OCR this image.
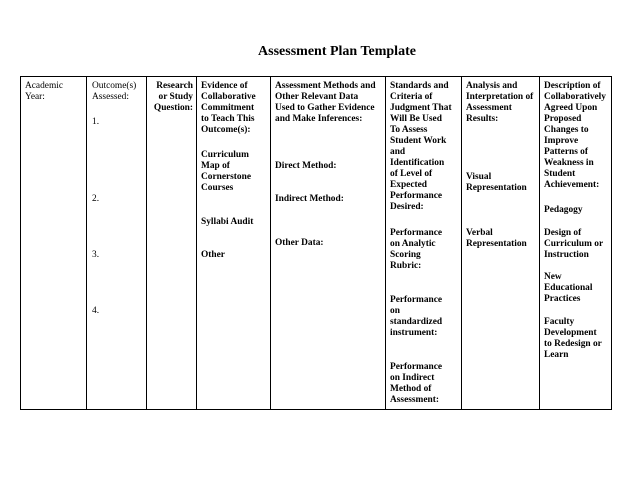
Assessment Plan Template
Academic
Year:
Outcome(s)
Assessed:
1.
2.
3.
4.
Research
or Study
Question:
Evidence of
Collaborative
Commitment
to Teach This
Outcome(s):
Curriculum
Map of
Cornerstone
Courses
Syllabi Audit
Other
Assessment Methods and
Other Relevant Data
Used to Gather Evidence
and Make Inferences:
Direct Method:
Indirect Method:
Other Data:
Standards and
Criteria of
Judgment That
Will Be Used
To Assess
Student Work
and
Identification
of Level of
Expected
Performance
Desired:
Performance
on Analytic
Scoring
Rubric:
Performance
on
standardized
instrument:
Performance
on Indirect
Method of
Assessment:
Analysis and
Interpretation of
Assessment
Results:
Visual
Representation
Verbal
Representation
Description of
Collaboratively
Agreed Upon
Proposed
Changes to
Improve
Patterns of
Weakness in
Student
Achievement:
Pedagogy
Design of
Curriculum or
Instruction
New
Educational
Practices
Faculty
Development
to Redesign or
Learn
